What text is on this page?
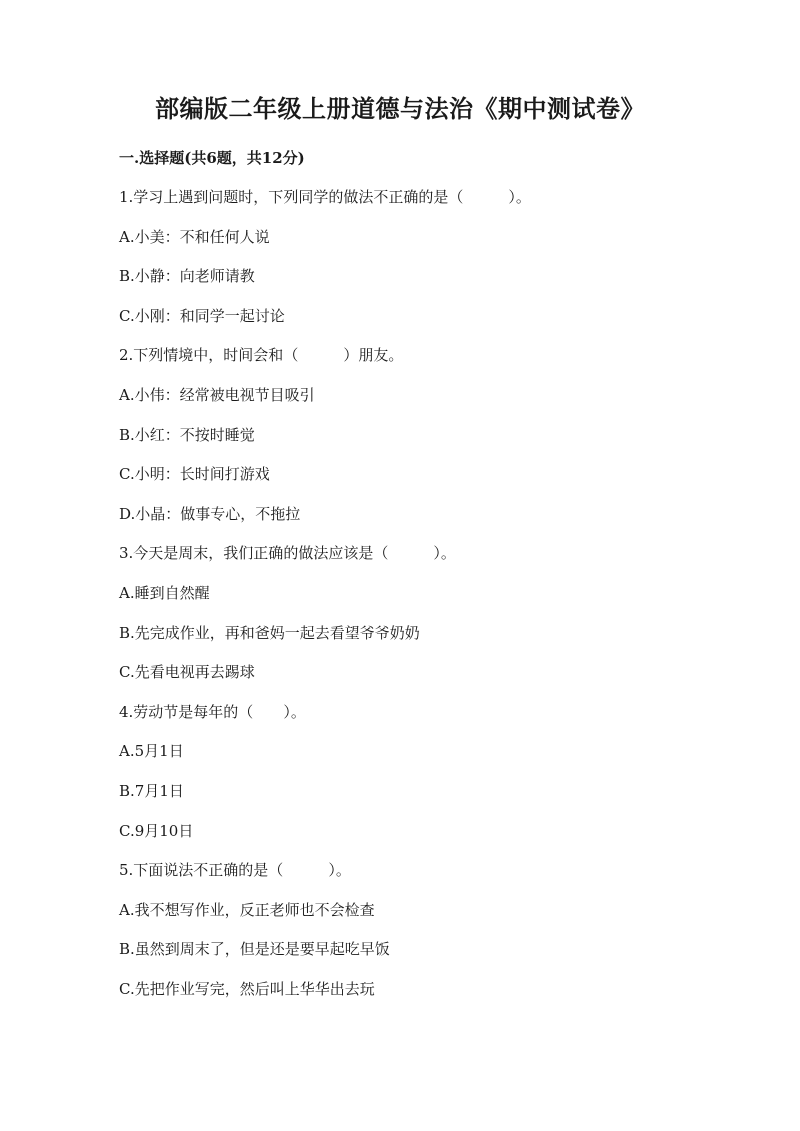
部编版二年级上册道德与法治《期中测试卷》
一.选择题(共6题，共12分)
1.学习上遇到问题时，下列同学的做法不正确的是（　　　）。
A.小美：不和任何人说
B.小静：向老师请教
C.小刚：和同学一起讨论
2.下列情境中，时间会和（　　　）朋友。
A.小伟：经常被电视节目吸引
B.小红：不按时睡觉
C.小明：长时间打游戏
D.小晶：做事专心，不拖拉
3.今天是周末，我们正确的做法应该是（　　　）。
A.睡到自然醒
B.先完成作业，再和爸妈一起去看望爷爷奶奶
C.先看电视再去踢球
4.劳动节是每年的（　　）。
A.5月1日
B.7月1日
C.9月10日
5.下面说法不正确的是（　　　）。
A.我不想写作业，反正老师也不会检查
B.虽然到周末了，但是还是要早起吃早饭
C.先把作业写完，然后叫上华华出去玩
